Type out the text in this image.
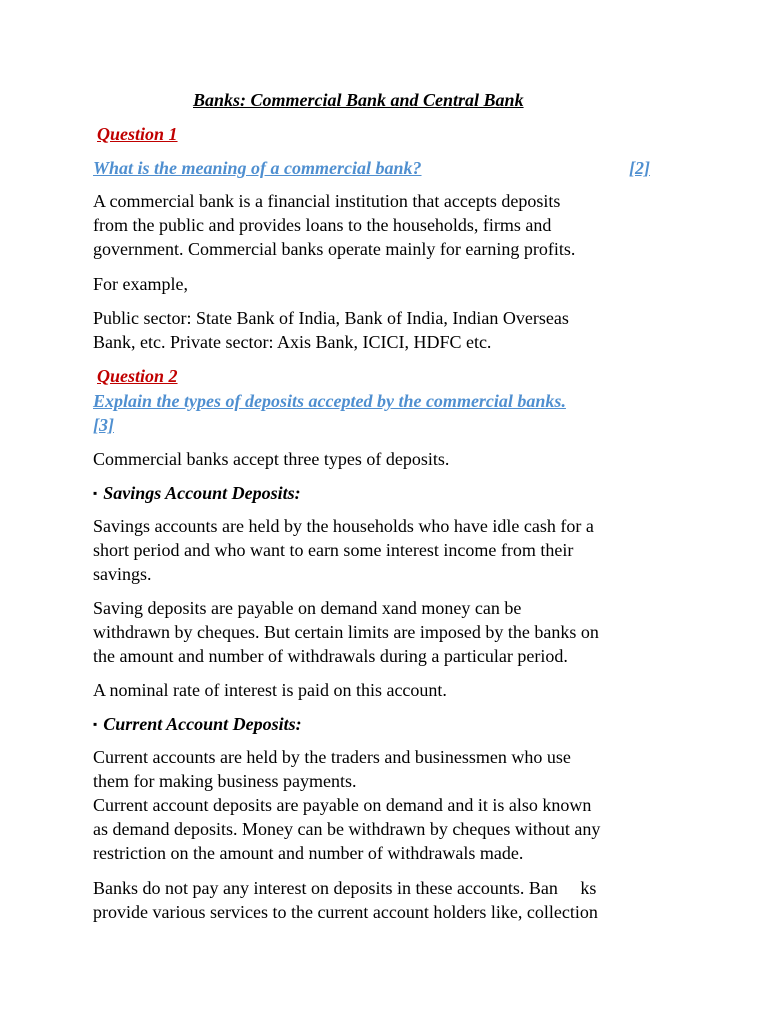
Banks: Commercial Bank and Central Bank
Question 1
What is the meaning of a commercial bank?	[2]
A commercial bank is a financial institution that accepts deposits
from the public and provides loans to the households, firms and
government. Commercial banks operate mainly for earning profits.
For example,
Public sector: State Bank of India, Bank of India, Indian Overseas
Bank, etc. Private sector: Axis Bank, ICICI, HDFC etc.
Question 2
Explain the types of deposits accepted by the commercial banks.
[3]
Commercial banks accept three types of deposits.
▪ Savings Account Deposits:
Savings accounts are held by the households who have idle cash for a
short period and who want to earn some interest income from their
savings.
Saving deposits are payable on demand xand money can be
withdrawn by cheques. But certain limits are imposed by the banks on
the amount and number of withdrawals during a particular period.
A nominal rate of interest is paid on this account.
▪ Current Account Deposits:
Current accounts are held by the traders and businessmen who use
them for making business payments.
Current account deposits are payable on demand and it is also known
as demand deposits. Money can be withdrawn by cheques without any
restriction on the amount and number of withdrawals made.
Banks do not pay any interest on deposits in these accounts. Ban     ks
provide various services to the current account holders like, collection
